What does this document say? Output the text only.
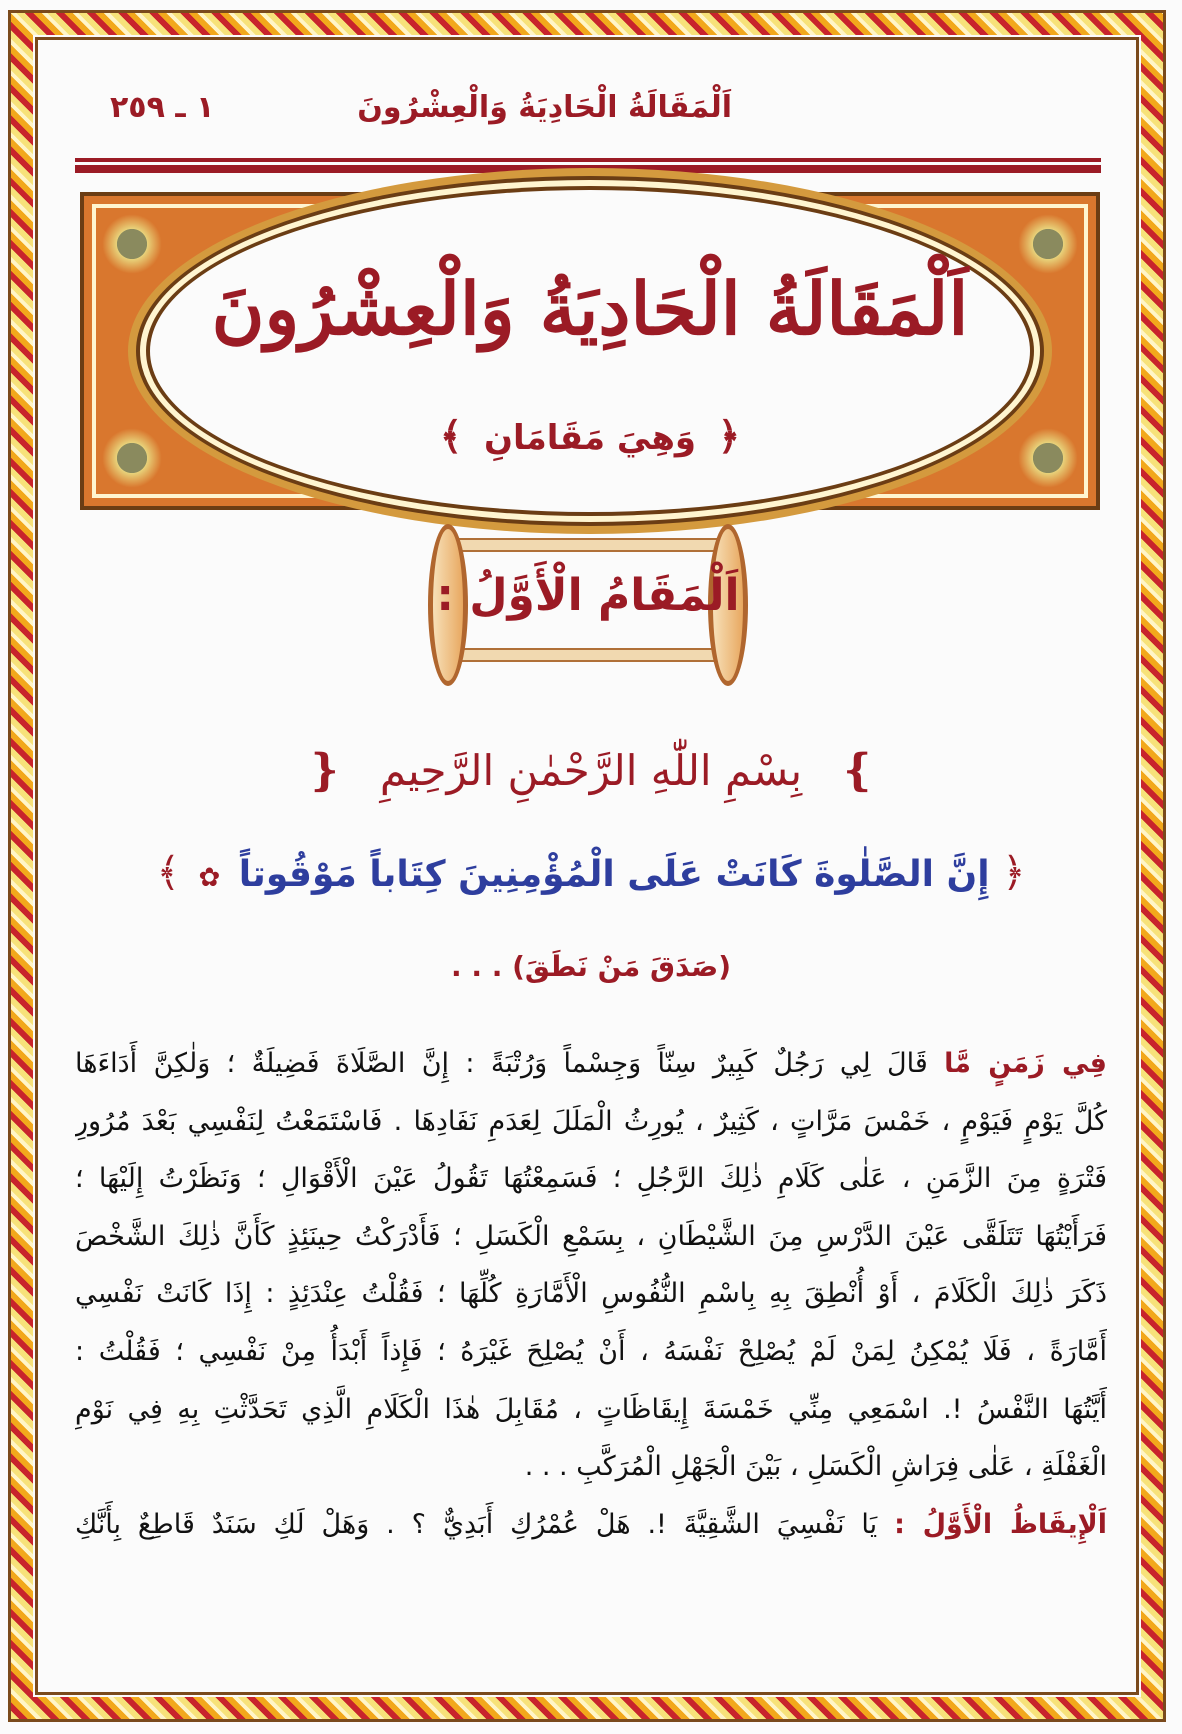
اَلْمَقَالَةُ الْحَادِيَةُ وَالْعِشْرُونَ
١ ـ ٢٥٩
اَلْمَقَالَةُ الْحَادِيَةُ وَالْعِشْرُونَ
﴿ وَهِيَ مَقَامَانِ ﴾
اَلْمَقَامُ الْأَوَّلُ :
❵ بِسْمِ اللّٰهِ الرَّحْمٰنِ الرَّحِيمِ ❴
﴿ إِنَّ الصَّلٰوةَ كَانَتْ عَلَى الْمُؤْمِنِينَ كِتَاباً مَوْقُوتاً ✿ ﴾
(صَدَقَ مَنْ نَطَقَ) . . .

فِي زَمَنٍ مَّا قَالَ لِي رَجُلٌ كَبِيرٌ سِنّاً وَجِسْماً وَرُتْبَةً : إِنَّ الصَّلَاةَ فَضِيلَةٌ ؛ وَلٰكِنَّ أَدَاءَهَا
كُلَّ يَوْمٍ فَيَوْمٍ ، خَمْسَ مَرَّاتٍ ، كَثِيرٌ ، يُورِثُ الْمَلَلَ لِعَدَمِ نَفَادِهَا . فَاسْتَمَعْتُ لِنَفْسِي بَعْدَ مُرُورِ
فَتْرَةٍ مِنَ الزَّمَنِ ، عَلٰى كَلَامِ ذٰلِكَ الرَّجُلِ ؛ فَسَمِعْتُهَا تَقُولُ عَيْنَ الْأَقْوَالِ ؛ وَنَظَرْتُ إِلَيْهَا ؛
فَرَأَيْتُهَا تَتَلَقَّى عَيْنَ الدَّرْسِ مِنَ الشَّيْطَانِ ، بِسَمْعِ الْكَسَلِ ؛ فَأَدْرَكْتُ حِينَئِذٍ كَأَنَّ ذٰلِكَ الشَّخْصَ
ذَكَرَ ذٰلِكَ الْكَلَامَ ، أَوْ أُنْطِقَ بِهِ بِاسْمِ النُّفُوسِ الْأَمَّارَةِ كُلِّهَا ؛ فَقُلْتُ عِنْدَئِذٍ : إِذَا كَانَتْ نَفْسِي
أَمَّارَةً ، فَلَا يُمْكِنُ لِمَنْ لَمْ يُصْلِحْ نَفْسَهُ ، أَنْ يُصْلِحَ غَيْرَهُ ؛ فَإِذاً أَبْدَأُ مِنْ نَفْسِي ؛ فَقُلْتُ :
أَيَّتُهَا النَّفْسُ !. اسْمَعِي مِنِّي خَمْسَةَ إِيقَاظَاتٍ ، مُقَابِلَ هٰذَا الْكَلَامِ الَّذِي تَحَدَّثْتِ بِهِ فِي نَوْمِ
الْغَفْلَةِ ، عَلٰى فِرَاشِ الْكَسَلِ ، بَيْنَ الْجَهْلِ الْمُرَكَّبِ . . .

اَلْإِيقَاظُ الْأَوَّلُ : يَا نَفْسِيَ الشَّقِيَّةَ !. هَلْ عُمْرُكِ أَبَدِيٌّ ؟ . وَهَلْ لَكِ سَنَدٌ قَاطِعٌ بِأَنَّكِ
